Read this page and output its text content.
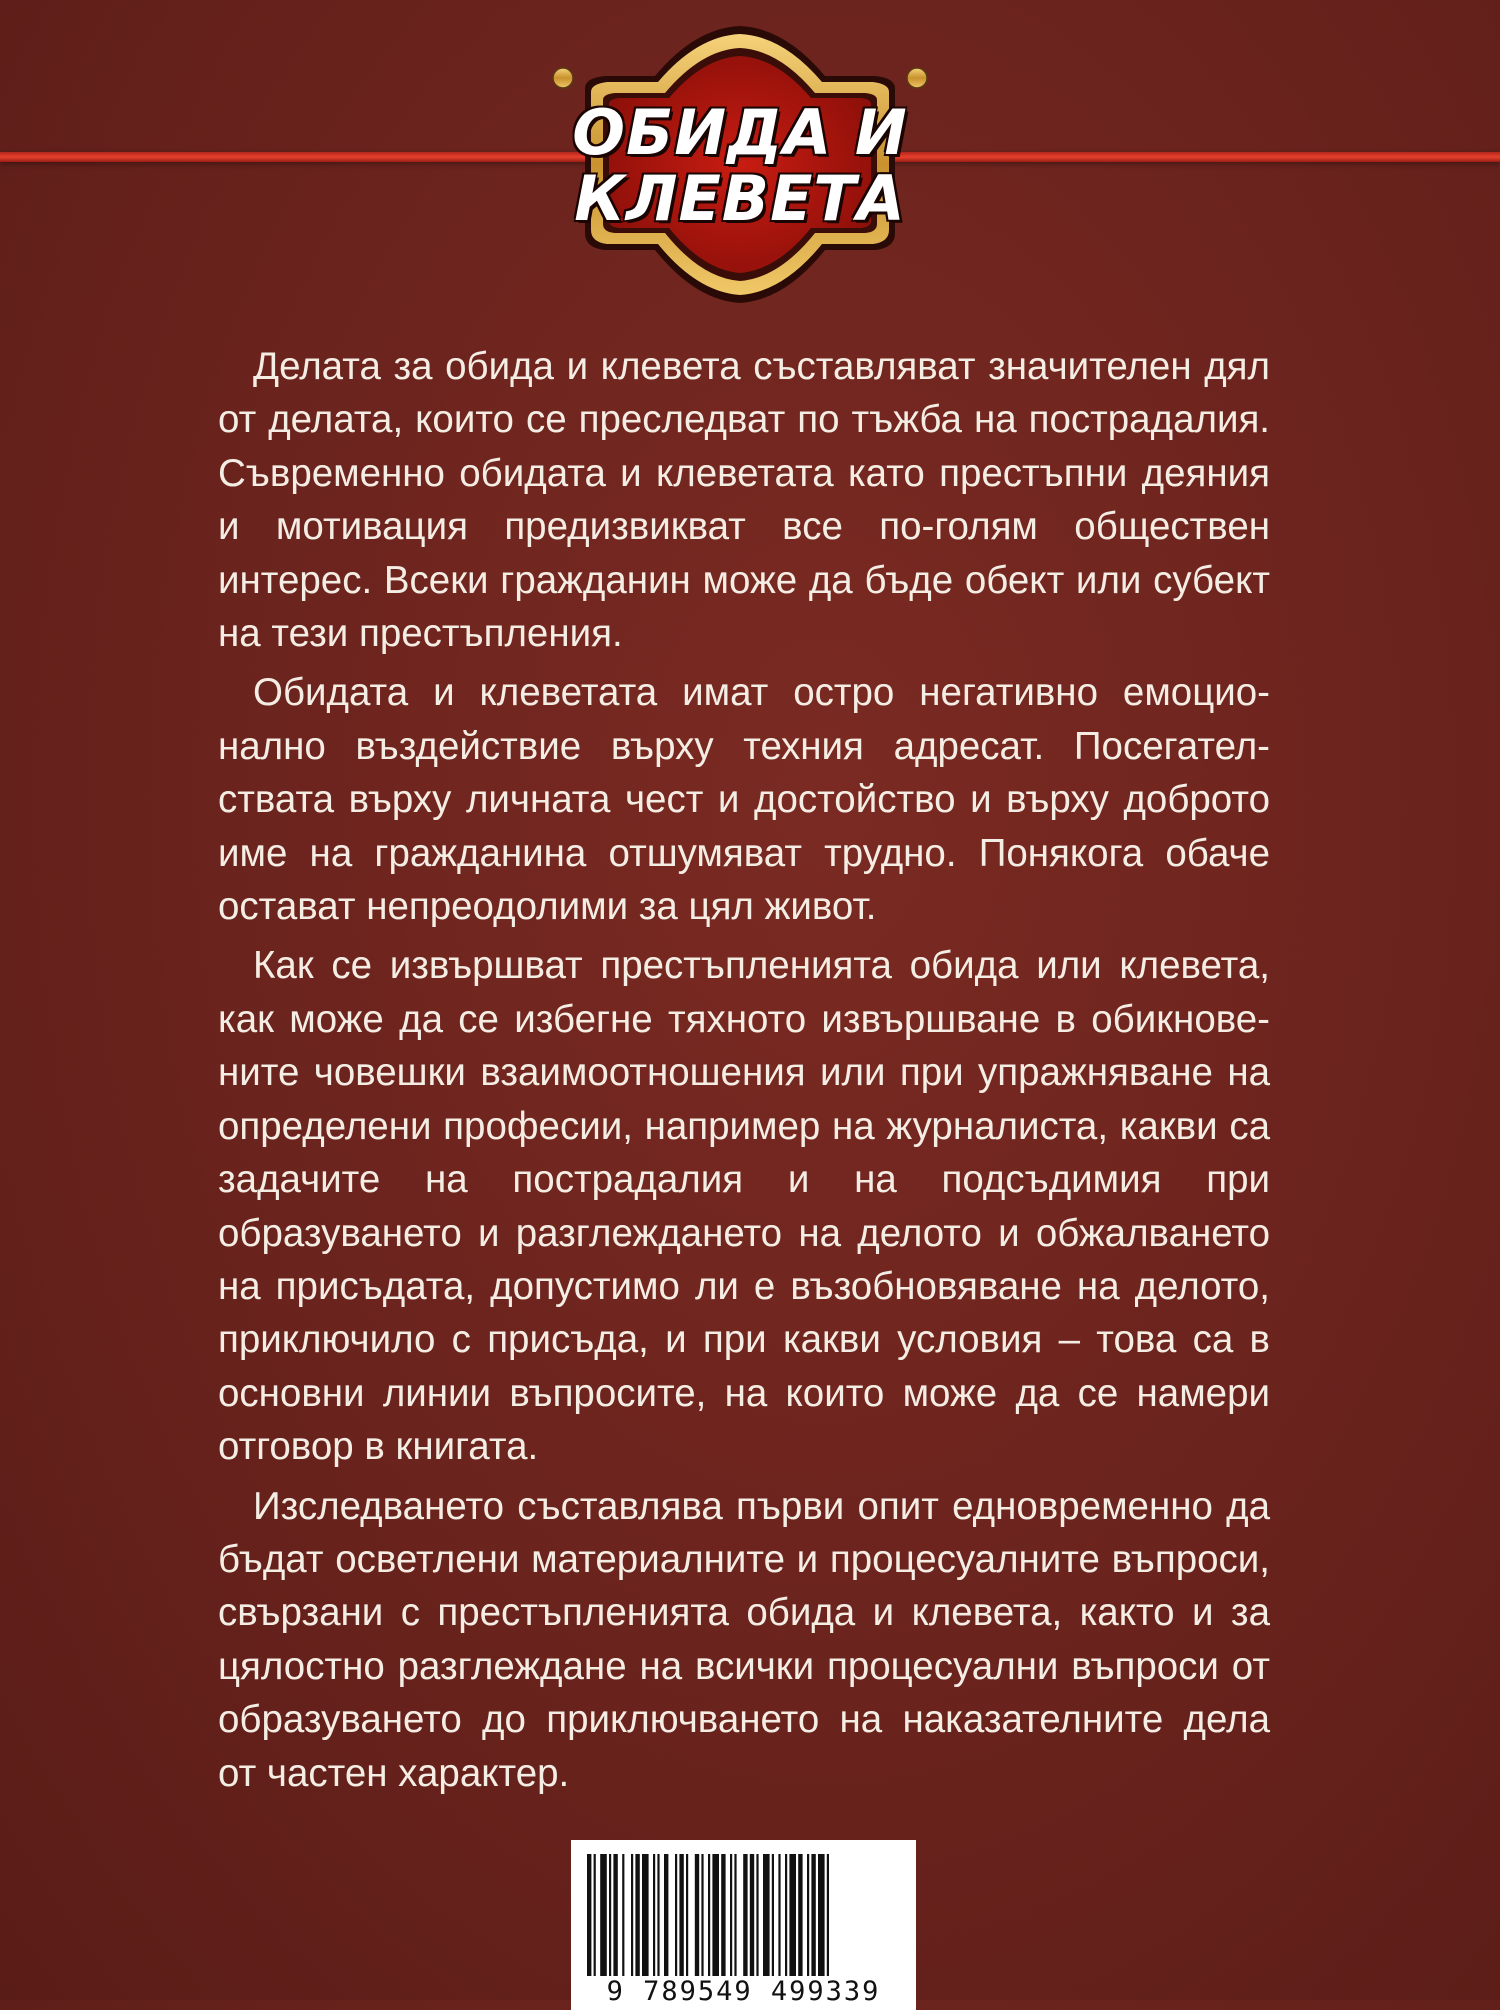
ОБИДА И
КЛЕВЕТА

Делата за обида и клевета съставляват значителен дял от делата, които се преследват по тъжба на пострадалия. Съвременно обидата и клеветата като престъпни деяния и мотивация предизвикват все по-голям обществен интерес. Всеки гражданин може да бъде обект или субект на тези престъпления.

Обидата и клеветата имат остро негативно емоционално въздействие върху техния адресат. Посегателствата върху личната чест и достойство и върху доброто име на гражданина отшумяват трудно. Понякога обаче остават непреодолими за цял живот.

Как се извършват престъпленията обида или клевета, как може да се избегне тяхното извършване в обикновените човешки взаимоотношения или при упражняване на определени професии, например на журналиста, какви са задачите на пострадалия и на подсъдимия при образуването и разглеждането на делото и обжалването на присъдата, допустимо ли е възобновяване на делото, приключило с присъда, и при какви условия – това са в основни линии въпросите, на които може да се намери отговор в книгата.

Изследването съставлява първи опит едновременно да бъдат осветлени материалните и процесуалните въпроси, свързани с престъпленията обида и клевета, както и за цялостно разглеждане на всички процесуални въпроси от образуването до приключването на наказателните дела от частен характер.

9 789549 499339
